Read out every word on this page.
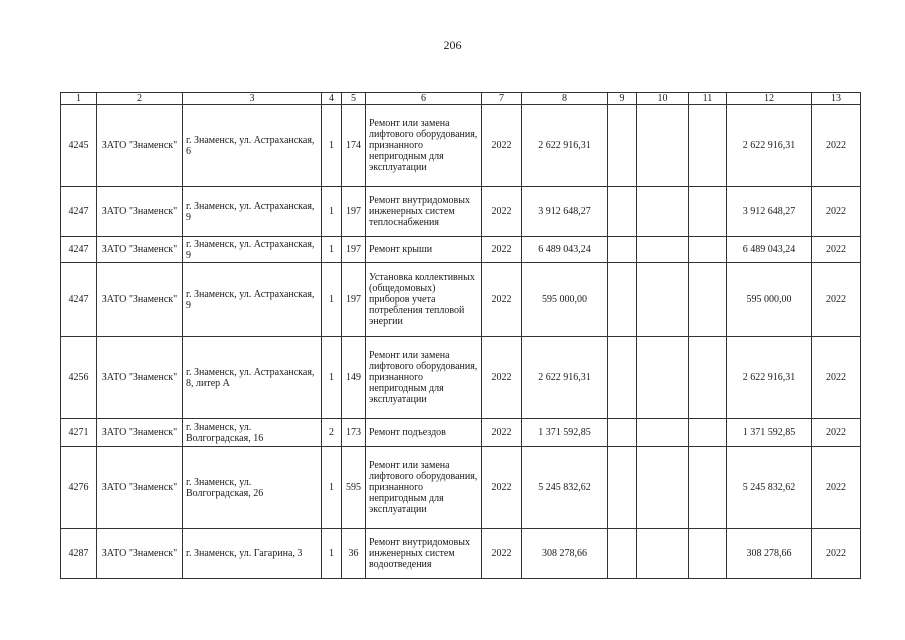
206
1	2	3	4	5	6	7	8	9	10	11	12	13
4245	ЗАТО "Знаменск"	г. Знаменск, ул. Астраханская, 6	1	174	Ремонт или замена лифтового оборудования, признанного непригодным для эксплуатации	2022	2 622 916,31				2 622 916,31	2022
4247	ЗАТО "Знаменск"	г. Знаменск, ул. Астраханская, 9	1	197	Ремонт внутридомовых инженерных систем теплоснабжения	2022	3 912 648,27				3 912 648,27	2022
4247	ЗАТО "Знаменск"	г. Знаменск, ул. Астраханская, 9	1	197	Ремонт крыши	2022	6 489 043,24				6 489 043,24	2022
4247	ЗАТО "Знаменск"	г. Знаменск, ул. Астраханская, 9	1	197	Установка коллективных (общедомовых) приборов учета потребления тепловой энергии	2022	595 000,00				595 000,00	2022
4256	ЗАТО "Знаменск"	г. Знаменск, ул. Астраханская, 8, литер А	1	149	Ремонт или замена лифтового оборудования, признанного непригодным для эксплуатации	2022	2 622 916,31				2 622 916,31	2022
4271	ЗАТО "Знаменск"	г. Знаменск, ул. Волгоградская, 16	2	173	Ремонт подъездов	2022	1 371 592,85				1 371 592,85	2022
4276	ЗАТО "Знаменск"	г. Знаменск, ул. Волгоградская, 26	1	595	Ремонт или замена лифтового оборудования, признанного непригодным для эксплуатации	2022	5 245 832,62				5 245 832,62	2022
4287	ЗАТО "Знаменск"	г. Знаменск, ул. Гагарина, 3	1	36	Ремонт внутридомовых инженерных систем водоотведения	2022	308 278,66				308 278,66	2022
